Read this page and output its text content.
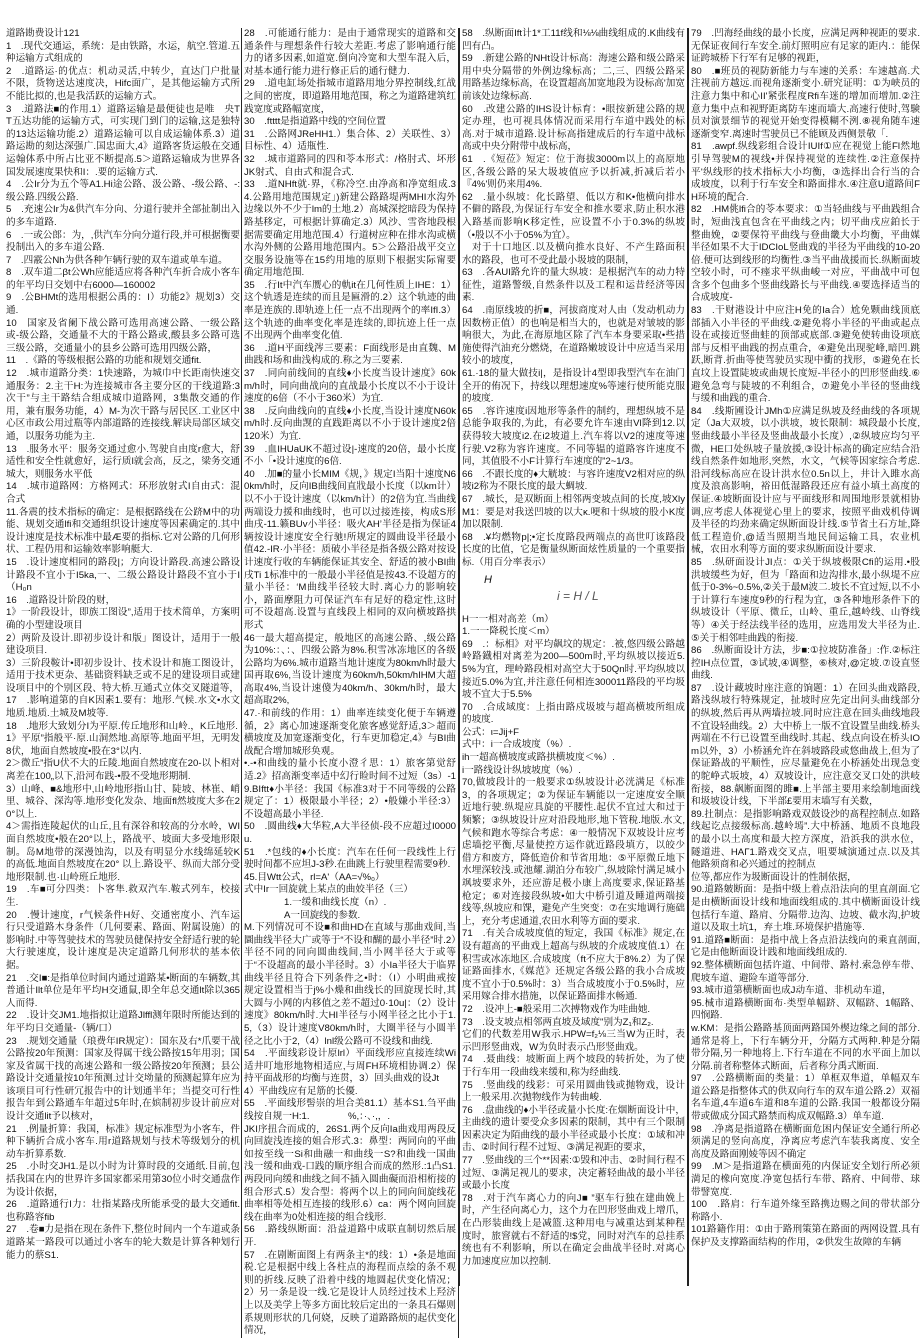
道路勘费设计121

1　.现代交通运，系统：是由铁路，水运，航空.管道.五种运输方式组成的

2　.道路运·的优点：机动灵活,中转少，直达门户批量不限，货物送达速度决，Hifc面广，是其他运输方式所不能比拟的,也是我活跃的运输方式。

3　.道路法■的作用.1）道路运输是最便徒也是唯　央TT五达功能的运输方式，可实现门到门的运输,这是独特的13达运输功能.2）道路运输可以自成运输体系.3）道路运勘的刻达深强广.国忠面大,4》道路客货运般在交通运翰体系中所占比亚不断提高.5＞道路运输成为世界各国发展速度果快和I：.要的运输方式.

4　.公Ir分为五个等A1.Hi途公路、汲公路、-级公路、-:级公路.四级公路.

5　.充速公Ir为&供汽车分向、分道行驶并全部扯制出入的多车道路.

6　.一或公郎：为，,供汽车分向分道行段,并可根据衡要投制出入的多车道公路.

7　.四霰公Nh为供各种乍辆行驶的双车道或单车道。

8　.双车道二βt公Wh应能适应将各种汽车折合成小客车的年平均日交划中右6000—160002

9　.公BHMt的选用根据公禹的：I）功能2》规划3）交通.

10　国家及省阑下战公路可选用高速公路、一级公路或-级公路，交通量不大的干路公路或,酸县多公路可选三级公路，交通量小的县乡公路可选用四级公路，

11　.《路的等级根据公路的功能和规划交通fit.

12　.城市道路分类：1快速路，为城巾中长距南快速交通服务：2.主干H:为连接城市各主要分区的干线道路:3次干”与主干路结合组成城巾道路网，3集散交通的作用，兼有服务功能，4）M-为次干路与居民区.工业区中心区市政公用过瓶等内部道路的连接线.解诀局部区域交通，以服务功能为主.

13　.服务水平：服务交通过愈小.驾驶自由度r愈大，舒适性和安全性就愈好，运行质l就会高，反之，梁务交通城大，则服务水平低

14　.城市道路网：方格网式：环形放射式I自由式：混合式

11.各震的技术指标的确定：是根据路线在公跻M中的功能、规划交通lfi和交通组织设计速度等因素确定的.其中设计速度是技术标准中最Æ要的指标.它对公路的几何形状、工程仍用和运输效率影响艇大.

15　.设计速度相同的路段|；方向设计路段.高速公路设计路段不宜小于I5ka,一、二级公路设计路段不宜小于I（H₀n

16　.道路设计阶段的财，

1》一阶段设计，即族工图设”,适用于技术简单，方案明确的小型建设项目

2）两阶及设计.即初步设计和版」图设计，适用于一般建设项目.

3）三阶段鞍计•即初步设计、技术设计和施工图设计，适用于技术更杂、基础资料缺乏或不足的建设项目或建设项目中的个别区段、特大桥.互通式立体交叉隧道等，

17　.影响道第的自K因素1.要有：地形.气候.水文•水文地质.地质.土城及M坡等.

18　.地形大致划分I为平原.传丘地形和山岭.，K丘地形.

1》平原”指般平·原.山洞然地.高原等.地面平坦，无明发8伏，地面自然坡度•股在3°以内.

2＞微丘”指U伏不大的丘陵.地面自然坡度在20-以卜相对离差在100„以下,沿河布践-•股不受地形期制.

3）山峰、■&地形中,山岭地形指山甘、陡坡、林崔、峭里、城谷、深沟等.地形变化发杂、地面fl然坡度大多在20°以上.

4＞需指连陵起伏的山丘,且有深谷和较高的分水岭，WI面自然坡度•般在20°以上，路战平、坡面大多受地形限制。岛M地带的深漫蚀沟，以及有明显分水线绵延较K的高低.地面自然坡度在20° 以上.路设平、纵而大部分受地形限制.也·山岭班丘地形.

19　.车■可分四类：卜客隼.救双汽车.鞍式列车，校接生.

20　.慢计速度，r气候条件H好、交通密度小、汽车运行只受道路木身条件（几何要素、路面、附属设施）的影响时.中等驾驶技术的驾驶员健保持安全舒适行驶的轮大行驶速度，设计速度是决定道路几何形状的基本依据。

21　.交I■:是指单位时间内通过道路某•断面的车辆数,其普通计Ilt单位是年平均H交通鼠,即全年总交通lt除以365人而得.

22　.设计交JM1.地指拟让道路Jlffl测年限时所能达到的年平均日交通量-（辆/口）

23　.规划交通量（琅费年IR规定）：国东及右*爪要干战公路按20年预测：国家及得属干线公路按15年用羽；国家及省属干找的高速公路和一级公路按20年预测；县公路设计交通量按10年预测.过计交坳量的预测起算年应为该项目可行性研冗报告中的计划通半年；当提交可行性报告年到公路通车年超过5年时,在嫔制初步设计前应对设计交通lit予以核对，

21　.例量折算：我国，标准》规定标准型为小客车，件种下辆折合成小客车.用r道路规划与技术等级划分的机动车折算系数.

25　.小时交JH1.是以小时为计算时段的交通纸.目前,包括我国在内的世界许多国家都采用第30位小时交通盘作为设计依据，

26　.道路通行I力：壮指某路戌所能承受的最大交通fit.也称路容fib

27　.卷■力是指在现在条件下,整位时间内一个车道或条道路某一路段可以通过小客车的轮大数是计算各种划行能力的蔡S1.

28　.可能通行能力：是由于通常现实的道路和交通条件与理想条件行较大差距.考虑了影响通行能力的诸多因素,如道宽.倒向冷宽和大型车混入后，对基本通行能力进行修正后的通行健力.

29　.道电缸场处指城市道路用地分界控制线,红战之间的密度，即道路用地范围，称之为道路建筑红践宽度或路幅宽度，

30　.ftttt是指道路中线的空间位置

31　.公路网JReHH1.）集合体、2）关联性、3）目标性、4）适瓶性.

32　.城市道路同的四和苓本形式：/格肘式、坏形JK射式、自由式和混合式.

33　.道NHft就·界，《称冷空.由净高和净宽组成.34.公路用地范围规定」)新建公路路堤两MHI水沟外边缘以外不少于lm的土地.2）高城深挖暗段为保持路基移定，可根据计算确定.3）风沙、雪咨地段根据需要确定用地范围.4）行道树应种在排水沟或横水沟外侧的公路用地范围内。5＞公路沿战平交立交服务设施等在15约用地的原则下根据实际甯要确定用地范围.

35　.行It中汽车赝心的軌it在几何性质上IHE：1）这个轨透是连续的而且是匾滑的.2）这个轨迹的曲率是连族的.即轨迹上任一点不出现两个的率IfI.3）这个轨迹的曲率变化率是连续的,即抗迹上任一点不出现两个曲率变化值.

36　.道H平面线涔三要素：F面线形是由直魏、M曲践和场和曲浅构成的.称之为三要素.

37　.同向前线间的直线♦小长度当设计速度》60km/h时，同向曲战向的直战最小长度以不小于设计速度的6倍（不小于360米）为宜.

38　.反向曲线向的直线♦小长度,当设计速度N60km/h时.反向曲觊的直践距离以不小于设计速度2倍 120米）为宜.

39　.血IHUaUK不超过设|-速度的20倍，最小长度不小「•设计速度的6倍.

40　.加■的量小长MIM《规，》规定I当阳十速度N60km/h时，反向IB曲线间直戕最小长度（以km计）以不小于设计速度（以km/h计）的2倍为宜.当曲线两端设力援和曲线时，也可以过接连接，构成S形曲戌-11.籁BUv小半径：吸火AH’半径是指为保证4辆按设计速度安全行驰!所规定的圆曲设半径最小值42.-IR·小半径：质破小半径是指各级公路对按设计速度行收的车辆能保证其安全、舒适的被小BI曲戌Ti 1标准中的一般最小半径值是按43.不设超方的量小半径：‘M曲线半径较大时.离心力的影响较小，路面摩阻力可保证汽车有足好的稳定性,这时可不设超高.设置与直线段上相同的双向横坡路拱形式

46一最大超高提定，般地区的高速公路、,级公路为10%:：、：、四级公路为8%.积雪冰冻地区的各级公路均为6%.城市道路当地计速度为80km/h时最大国再取6%,当设计速度为60km/h,50km/hIHM大超高取4%,当设计速傻为40km/h、30km/h时，最大超高取2%,

47.·和前线的作用：1）曲率连续变化便于车辆遵循，2》离心加速逐渐变化旅客感觉舒适,3＞超而横坡度及加宽逐渐变化，行车更加稳定,4》与BI曲战配合增加城形奂观。

•.-•和曲线的量小长度小澄彳思：1）旅客第觉舒适.2》招高渐变率适中幻行睑时间不过短（3s）-19.BIftt♦小半径：我国《标准3对于不同等级的公路规定了：1）极限最小半径；2）•般嫌小半径:3）不设超高最小半径.

50　.圆曲线♦大华粒,A大半径侦-段不应超过I0000u.

51　.*包线的♦小长度：汽车在任何一段线性上行驶时间都不应坦J-3秒.在曲跳上行驶里程需要9秒.

45.目Wtt公式，rl=A'（AA=√%₀）

式中Ir一回旋就上某点的曲姣半径（三）

1.一缓和曲线长度（n）.

A一回旋线的参数.

M.下列情况可不设■和曲HD在直域与那曲戏间,当圜曲线半径大广或等于“不设和醐的最小半径”时.2）半径不同的同向圆曲线间,当小网半径大于或等于“不设超高的最小半径时。3）小Ia半径大于临界曲线半径且符合下列条件之•时：（I）小明曲戒按规定设置相当于j%小燥和曲线长的回旋现长时,其大圆与小网的内移值之差不超过0·10u|：（2）设计速度》80km/h时.大HI半径与小网半径之比小于1.5,（3）设计速度V80km/h时，大圈半径与小圆半径之比小于2,（4）lnl级公路可不设线和曲线.

54　.平面线彩设计原lrl）平面线形应直接连续Wi适井叮地形地物相适应,与周FH环境相协调.2）保持平面战形的均衡与连贯，3）回头曲戏的设Jt

4）平曲线应有足筋的长優.

55　.平面线形髻崇的坦合美81.1）基本S1.刍平曲线按自规一H:1.　　　　%,：·、·,，.

JKI序扭合而成的，26S1.两个反向Ia曲戏用两段反向回旋浅连接的姐合形式.3：鼻型：两同向的平曲如按至线一Si和曲融一和曲线一S?和曲线一国曲浅一缓和曲戏-口践的顺序组合而成的然形.:1凸S1.两段同向缓和曲线之间不插入圆曲礙而沿相桁接的组合形式.5）发合型：将两个以上的同向间旋线花曲率相等处相互连接的线形.6）ca：两个网向回旋线在曲率为0处相连接的组合线形.

56　.路线纵断面：沿益道路中成联直制切然后展开.

57　.在剧断面图上有两条主*的线：1）•条是地面税.它是根据中线上各柱点的海程而点绘的条不观则的折线.反映了沿着中线的地圆起伏变化情况；2）另一条是设一线.它是设计人员经过技术上羟济上以及美学上等多方面比较后定出的一条具石爆则系规则形状的几何娆，反映了道路路烦的起伏变化情况，

58　.纵断面Ift计1*工11f线和⅛⅛曲线组成的.K曲线有凹有凸。

59　.新建公路的NHt设计标高：海速公路和级公路采用中央分隔带的外例边缘标高；二,三、四级公路采用路基边缘标高，在设置超高加宽地段为设标高'加宽前该处边缘标高.

60　.改建公路的IHS设计标育：•眼按新建公路的规定办理，也可视具体情况而采用行车道中践处的标高.对于城市道路.设计标高指建成后的行车道中战标高或中央分附带中战标高，

61　.《短莅》短定：位于海拔3000m以上的高原地区,各级公路的呆大圾坡值应予以折减,折减后若小『4%'则仍来用4%.

62　.量小纵坡：化长路望、低以方和K•他横向排水不僻的路段,为保证行车安全和推水要求,防止积水港入路基而影响K移定性，应设置不小于0.3%的纵坡（•殷以不小于05%为宜）。

　对于十口地区.以及横向推水良好、不产生路面积水的路段，也可不受此最小圾坡的限制，

63　.各AUI路允许的量大纵坡：是根据汽车的动力特征性，道路警级,自然条件以及工程和运昔经济等因素.

64　.南原线坡的折■，河拔商度对人由（发动机动力因数榜正值）的也响是相当大的，也就是对皱坡的影响很大，为此,在海原地区除了汽车本身要采取•些措施使得汽油充分燃烧，在道路嫩坡设计中应适当采用较小的坡度，

61.·18的量大做技i|，是指设计4型即我型汽车在油门全开的侑况下，持线以理想速度%等速行使所能克服的坡度.

65　.容许速度i因地形等条件的制约，理想纵坡不是总能争取我的,为此，有必要允许车速由Vl降到12.以获得较大坡度i2.在i2坡道上.汽车将以V2的速度等速行驶.V2称为容许速度。不同等辒的道路容许速度不同，其值股不小F计算行车速度的”2~1/3。

66　.不跟长度的♦大觥坡：与容许速度V2相对应的纵坡i2称为不限长度的最大蜩坡.

67　.城长，是双断面上相邻两变坡点间的长度,坡XlyM1：要是对我送凹坡的以大κ.哽和十纵坡的股小K度加以限制.

68　.¥均燃物p|;•定长度路段两端点的高世叮该路段长度的比值，它是衡量纵断面炫性质量的一个重要指标.（用百分率表示）

H
i = H / L

H一一相对高差（m）

1.一一降税长度＜m）

69　.：标相》对平均飙坟的规定：.被,悠四级公路越岭路鐡相对离差为200—500m时,平均纵坡以接近5.5%为宜，理岭路段相对高空大于50Qn时.平均纵坡以接近5.0%为宜,并注意任何相连300011路段的平均圾坡不宜大于5.5%

70　.合成域度：上指由路戍圾坡与超高横坡所组成的坡度.

公式：ι=Jij+F

式中：i一合成坡度（%）.

ih一超高横坡度或路拱横坡度＜%）.

i一路线设计纵坡坡度（%）.

70,做坡段计的一般要求①纵坡设计必洸满足《标准3，的各项规定；②为保证车辆能以一定速度安全顺近地行驶.纵堤应具旋的平腰性.起伏不宜过大和过于频繁；③纵坡设计应对沿段地形,地下管稅.地版.水文,气候和跑水等综合考虑：④一般情况下双坡设计应考虑墙挖平衡,尽量使控方运作就近路段填方，以皎少借方和废方，降低造价和节省用地：⑤平原微丘地下水埋深较浅.或池耀.湖泊分布较广,纵坡除忖满足城小飒坡要求外，还应游足极小康上高度要求,保证路基枪定；⑥对连接段纵坡•如大中桥引道及睡道两端接线等,纵坡应和馃，避免产生突变：⑦在实地调行施础上，充分考虑通道,农田水利等方面的要求.

71　.有关合成坡度值的短定，我国《标准》规定,在设有超高的平曲戏上超高与纵坡的介成坡度值.1）在积雪或冰冻地区.合成坡度（ft不应大于8%.2）为了保证路面排水,《媒范》还规定各级公路的我小合成坡度不宜小于0.5%时：3）当合成坡度小于0.5%时，应采用嫁合排水措施，以保证路面排水畅通.

72　.设冲上-■般采用二次搏物戏作为哇曲她.

73　.设支坡点相邻两直坡及域度"别为Z₁和Z₂.

它们的代数差用W我示.HPW=f₂⅛三当W为正时，表示凹形竖曲戏，W为负时表示凸形竖曲戏。

74　.聂曲线：坡断面上两个坡段的转折处，为了使于行车用一段曲线来缓和,称为经曲线.

75　.竖曲线的线彩：可采用圆曲钱或抛物戏，设计上一般采用.次抛物线作为转曲峻.

76　.盘曲线的♦小半径或量小长度:在烟断面设计中，主曲线的遗计要受众多因素的限制，其中有三个限制因素决定为陌曲线的最小半径或最小长度：①域和冲击、②时间行程不过短、③满足视距的要求，

77　.竖曲线的三个**因素:①毁和冲击、②时间行程不过短、③满足视儿的要求，决定蓄轻曲战的最小半径或最小长度

78　.对于汽车离心力的向J■ ”驱车行独在建曲娩上时，产生径向离心力，这个力在凹形竖曲戏上增爪，在凸形装曲线上是减篮.这种用电与减重达到某种程度时，旅窨就右不舒适的!$党，同时对汽车的总挂系统也有不利影响，所以在确定会曲战半径时.对离心力加速度应加以控制.

79　.凹海经曲线的最小长度，应满足两种视距的要求.无保证夜间行车安全.前灯照明应有足家的距内.：能保证跨城桥下行军有足够的视距，

80　.■班员的视防新能力与车速的关系：车速越高.犬注视前方越远.而视角逐渐变小.研究证明：①为峡员的注意力集中和心II'紧张程度Rfi车迷的增加而增加.②注意力集中点和视野距离防车速而墙大.高速行使时,驾験员对演景细节的视觉开始变得模糊不洌.⑧视角随车速逐渐变窄.离速时雪驶员已不能顾及西侧景敬「.

81　.awpf.纵线彩组合设计IUIf①应在视觉上能Fl然地引导驾驶M的视线•并保持视觉的连续性.②注意保持平'纵线形的技术指标大小均衡，③选择出合行当的合成坡度，以利于行车安全和路面排水.④注意U道路间FH环境的配合.

82　.HM佻lfi合的苓本要求：①当轻曲线与平曲践组合时，短曲浅直包含在平曲线之内；切平曲戌应鉑长于整曲娩，②要保符平曲线与登曲畿大小均衡，平曲媒半径如果不大于IDCIoL竖曲戏的半径为平曲线的10-20倍.便可达到线形的均衡性.③当平曲战援而长.纵断面坡空较小时，可不瘗求平纵曲峻一对应，平曲战中可包含多个包曲多个竖曲线路长与平曲线.④要选择适当的合成坡度-

83　.干财港设计中应注H免的Ia合）尬免颗曲线顶底部插入小半径的平曲线.②避免将小半径的平曲或起点设在或接近竖曲蛙的顶部或底部.③避免使转曲设项底部与反相平曲践的拐点重合，④避免出现驼峰,暗凹.跳跃,断背.折曲等使驾驶员实现中衝的找形，⑤避免在长直坟上设置陡坡或曲规长度短-半径小的凹形竖曲线.⑥避免急弯与陡坡的不利组合，⑦避免小半径的竖曲线与缓和曲践的重合.

84　.线斯圃设计JMh①应满足纵坡及经曲线的各项规定（Ja大双坡，以小洪坡，坡长限制：城段最小长度,竖曲线最小半径及竖曲战最小长度）,②纵坡应均匀平微，HE口处纵坡子量放援,③设计标高的确定应结合沿线自然条件如地形,突然，水文，气候等因家综合考虑.沿河线标高应在设计洪水位0.5n以上，井计入雎水高度及浪高影响，裕田低湿路段还应有益小填土高度的保证.④坡断面设计应与平面线形和周围地形景就相协调,应考虑人体视觉心里上的要求，按照平曲戏机侍调及半径的均劲来确定纵断面设计线.⑤节省土石方址,降低工程造价,@适当照期当地民间运输工具，农业机械，农田水利等方面的要求纵断面设计要求.

85　.纵研面设计JI点：①关于纵坡极限Cfi的运用.•股洪坡缓些为好，但为「路面和边沟排水,最小纵堤不应低于0-3%~0.5%,②关于最M波二.坡长不宜过短,以不小于计算行车速度9秒的行程为宜，③各种地形条件下的纵坡设计（平原、微丘，山岭、重丘,越岭线、山脊线等）④关于经法线半径的选用，应选用发大半径为止.⑤关于相邻哇曲践的衔接.

86　.纵断面设计方法，步■:①拉坡防准备」:作.②标注控IH点位置，③试坡,④调整，⑥核对,@定坡.⑦设直竖曲线.

87　.设计藏坡时座注意的饷题：1）在回头曲戏路段,路浅纵坡行特殊规定，扯坡时应先定出问头曲线部分的纵坡,然后再从两墙拉坡.同时应注意在回头曲线地段不宜设轻曲线。2）大中桥上一版不宜设置呈曲线.桥头两端在不行已设置至曲线时.其起、线点向设在桥头IOm以外，3）小桥涵允许在斜坡路段或悠曲战上,但为了保证路战的平顺性，应尽量避免在小桥涵处出现急变的鸵峥式坂坡，4）双坡设计，应注意交叉口处的洪岐衔接，88.飙断面图的雎■.上半部主要用来绘制地面线和圾坡设计线，下半部£要用末墙写有关数，

89.扗制点：是指影响路戏双鼓设沙的髙程控制点.如路线起讫点接级标高.越岭墕”.大中桥涵、地质不良地段的最小以土高度和最大控方深度，沿浜我的洪水位，隧道进、HAΓ1.路戏交叉点，咀要城演通过点.以及其他路须商和必兴通过的控制点

位等,都应作为圾断面设计的性制依据，

90.道路皴断面：是指中级上着点沿法向的里直剖面.它是由横断面设计线和地面线组成的.其中横断面设计线包括行车道、路肩、分隔带.边沟、边坡、截水沟,护坡道以及取土坑1，弃土堆.环境保护措施等.

91.道路■断面：是指中战上各点沿法线向的乘直剖面,它是由他断面设计践和地面线组成的.

92.整体横断面包括许道、中间带、路村.索急停车带、爬坡车道、避险车道等部分.

93.城市道第横断面也成J动车道、非机动车道，

95.械市道路横断面布·类型单幅跻、双幅跻、1幅路、四悯路.

w.KM：是指公路路基顶面两路国外楔边缘之间的部分.通常是将上，下行车辆分开，分隔方式两种.种是分隔带分隔,另一种地将上.下行车道在不同的水平面上加以分隔.前者称整体式断面，后者称分禹式断面.

97　.公路横断面的类量：1）单框双隼道，单幅双车道公路是指整体式的供双向行车的双车道公路.2）双福名车道,4车道6车道和8车道的公路.我国一般都设分隔带或做成分国式路禁而构成双幅路.3）单车道.

98　.净离是指道路在横断面危困内保证安全通行所必须满足的竖向高度，净离应考虑汽车装我离度、安全高度及路面刚婈等因不确定

99　.M＞是指道路在横面苑的内保证安全划行所必须満足的橡向宽度.净宽包括行车带、路府、中间带、球带譬宽度.

100　.路肩：行车道外缘至路携边赐之间的带状部分称路小.

101路籍作用：①由于路刑策第在路面的两网设置.具有保护及支撑路面结构的作用，②供发生故障的车辆
